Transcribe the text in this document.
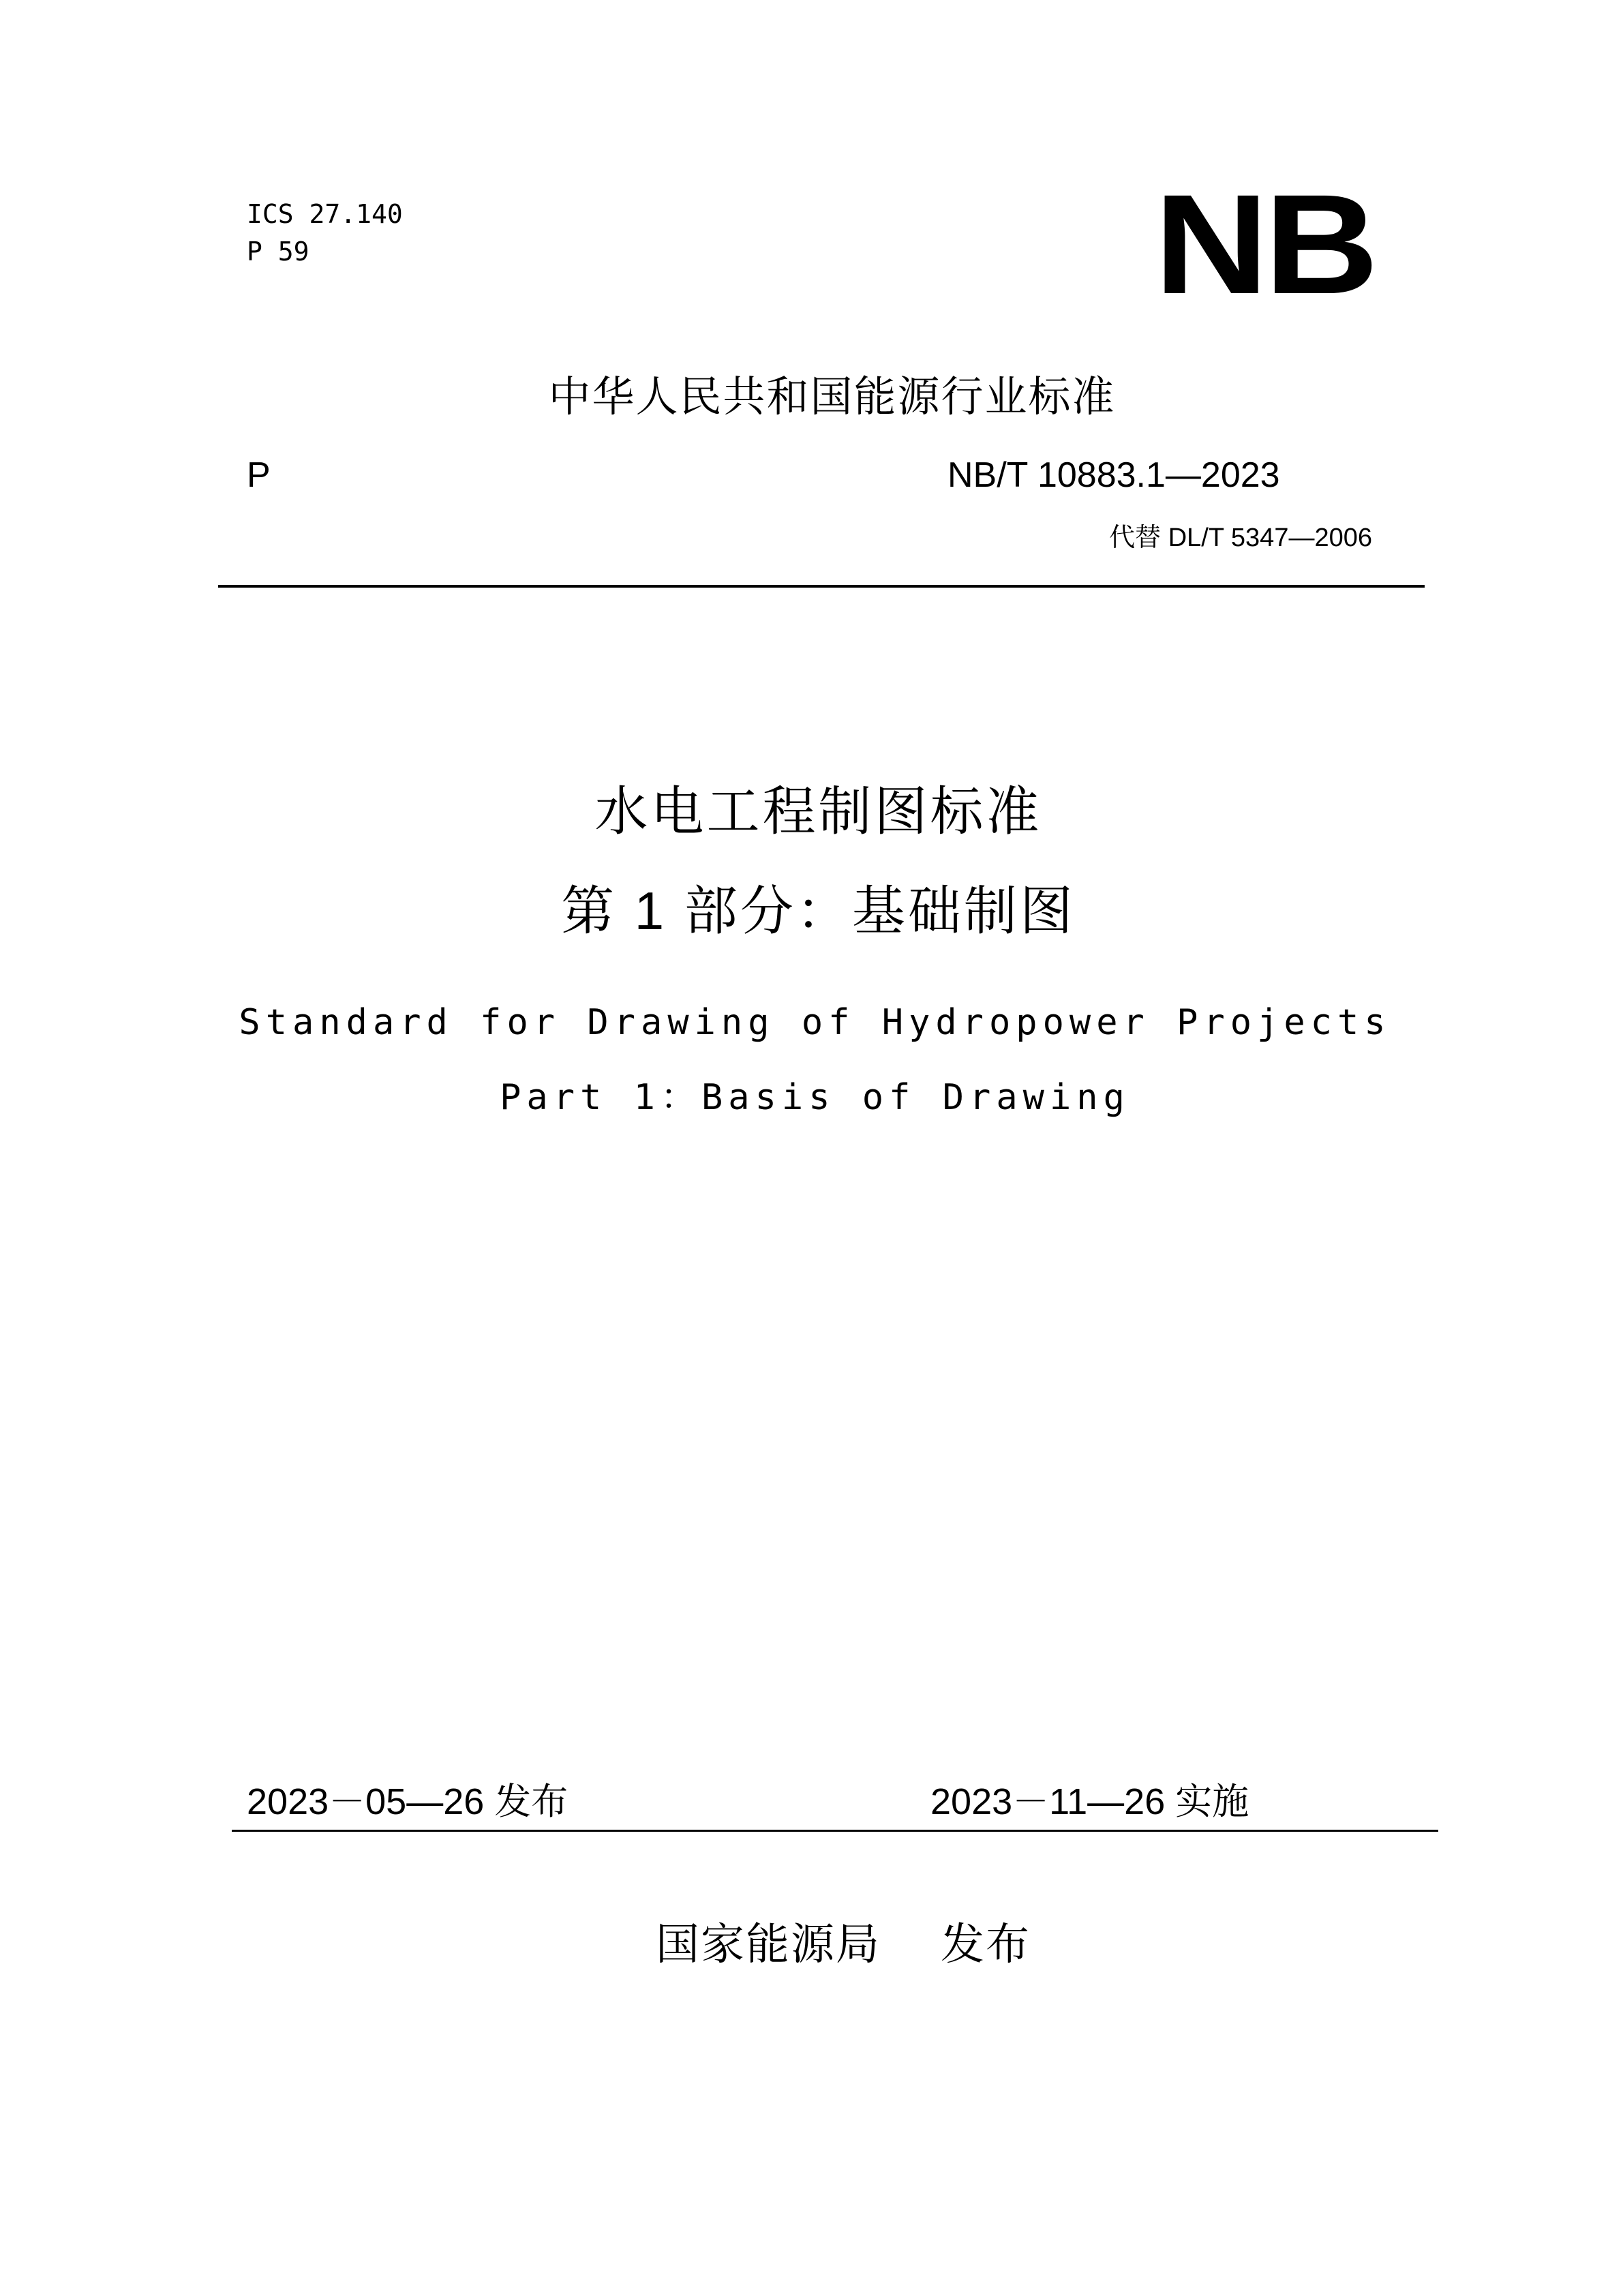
ICS 27.140
P 59	NB
中华人民共和国能源行业标准
P	NB/T 10883.1—2023
代替 DL/T 5347—2006
水电工程制图标准
第 1 部分：基础制图
Standard for Drawing of Hydropower Projects
Part 1：Basis of Drawing
2023－05—26 发布	2023－11—26 实施
国家能源局 发布
